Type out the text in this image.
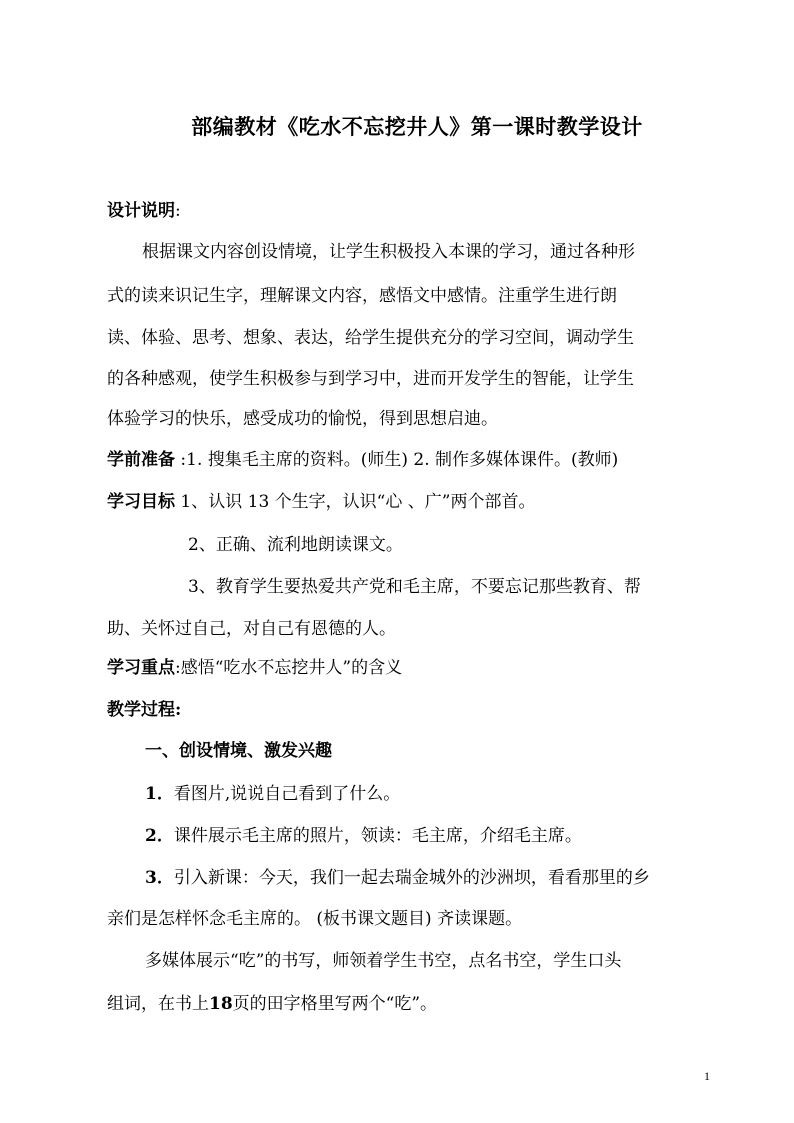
部编教材《吃水不忘挖井人》第一课时教学设计
设计说明:
根据课文内容创设情境，让学生积极投入本课的学习，通过各种形
式的读来识记生字，理解课文内容，感悟文中感情。注重学生进行朗
读、体验、思考、想象、表达，给学生提供充分的学习空间，调动学生
的各种感观，使学生积极参与到学习中，进而开发学生的智能，让学生
体验学习的快乐，感受成功的愉悦，得到思想启迪。
学前准备 :1. 搜集毛主席的资料。(师生) 2. 制作多媒体课件。(教师)
学习目标 1、认识 13 个生字，认识“心 、广”两个部首。
2、正确、流利地朗读课文。
3、教育学生要热爱共产党和毛主席，不要忘记那些教育、帮
助、关怀过自己，对自己有恩德的人。
学习重点:感悟“吃水不忘挖井人”的含义
教学过程:
一、创设情境、激发兴趣
1．看图片,说说自己看到了什么。
2．课件展示毛主席的照片，领读：毛主席，介绍毛主席。
3．引入新课：今天，我们一起去瑞金城外的沙洲坝，看看那里的乡
亲们是怎样怀念毛主席的。 (板书课文题目) 齐读课题。
多媒体展示“吃”的书写，师领着学生书空，点名书空，学生口头
组词，在书上18页的田字格里写两个“吃”。
1
